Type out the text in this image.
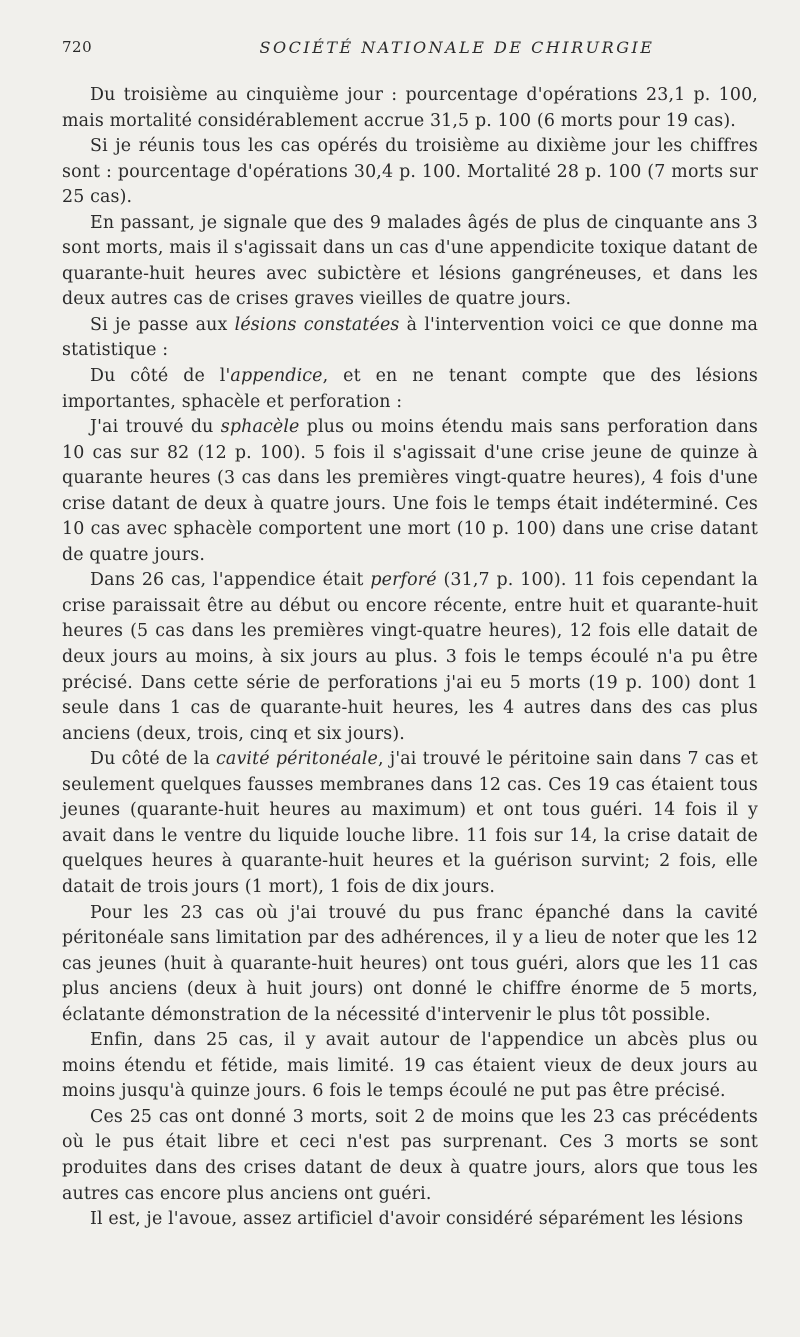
720	SOCIÉTÉ NATIONALE DE CHIRURGIE

Du troisième au cinquième jour : pourcentage d'opérations 23,1 p. 100, mais mortalité considérablement accrue 31,5 p. 100 (6 morts pour 19 cas).

Si je réunis tous les cas opérés du troisième au dixième jour les chiffres sont : pourcentage d'opérations 30,4 p. 100. Mortalité 28 p. 100 (7 morts sur 25 cas).

En passant, je signale que des 9 malades âgés de plus de cinquante ans 3 sont morts, mais il s'agissait dans un cas d'une appendicite toxique datant de quarante-huit heures avec subictère et lésions gangréneuses, et dans les deux autres cas de crises graves vieilles de quatre jours.

Si je passe aux lésions constatées à l'intervention voici ce que donne ma statistique :

Du côté de l'appendice, et en ne tenant compte que des lésions importantes, sphacèle et perforation :

J'ai trouvé du sphacèle plus ou moins étendu mais sans perforation dans 10 cas sur 82 (12 p. 100). 5 fois il s'agissait d'une crise jeune de quinze à quarante heures (3 cas dans les premières vingt-quatre heures), 4 fois d'une crise datant de deux à quatre jours. Une fois le temps était indéterminé. Ces 10 cas avec sphacèle comportent une mort (10 p. 100) dans une crise datant de quatre jours.

Dans 26 cas, l'appendice était perforé (31,7 p. 100). 11 fois cependant la crise paraissait être au début ou encore récente, entre huit et quarante-huit heures (5 cas dans les premières vingt-quatre heures), 12 fois elle datait de deux jours au moins, à six jours au plus. 3 fois le temps écoulé n'a pu être précisé. Dans cette série de perforations j'ai eu 5 morts (19 p. 100) dont 1 seule dans 1 cas de quarante-huit heures, les 4 autres dans des cas plus anciens (deux, trois, cinq et six jours).

Du côté de la cavité péritonéale, j'ai trouvé le péritoine sain dans 7 cas et seulement quelques fausses membranes dans 12 cas. Ces 19 cas étaient tous jeunes (quarante-huit heures au maximum) et ont tous guéri. 14 fois il y avait dans le ventre du liquide louche libre. 11 fois sur 14, la crise datait de quelques heures à quarante-huit heures et la guérison survint; 2 fois, elle datait de trois jours (1 mort), 1 fois de dix jours.

Pour les 23 cas où j'ai trouvé du pus franc épanché dans la cavité péritonéale sans limitation par des adhérences, il y a lieu de noter que les 12 cas jeunes (huit à quarante-huit heures) ont tous guéri, alors que les 11 cas plus anciens (deux à huit jours) ont donné le chiffre énorme de 5 morts, éclatante démonstration de la nécessité d'intervenir le plus tôt possible.

Enfin, dans 25 cas, il y avait autour de l'appendice un abcès plus ou moins étendu et fétide, mais limité. 19 cas étaient vieux de deux jours au moins jusqu'à quinze jours. 6 fois le temps écoulé ne put pas être précisé.

Ces 25 cas ont donné 3 morts, soit 2 de moins que les 23 cas précédents où le pus était libre et ceci n'est pas surprenant. Ces 3 morts se sont produites dans des crises datant de deux à quatre jours, alors que tous les autres cas encore plus anciens ont guéri.

Il est, je l'avoue, assez artificiel d'avoir considéré séparément les lésions
